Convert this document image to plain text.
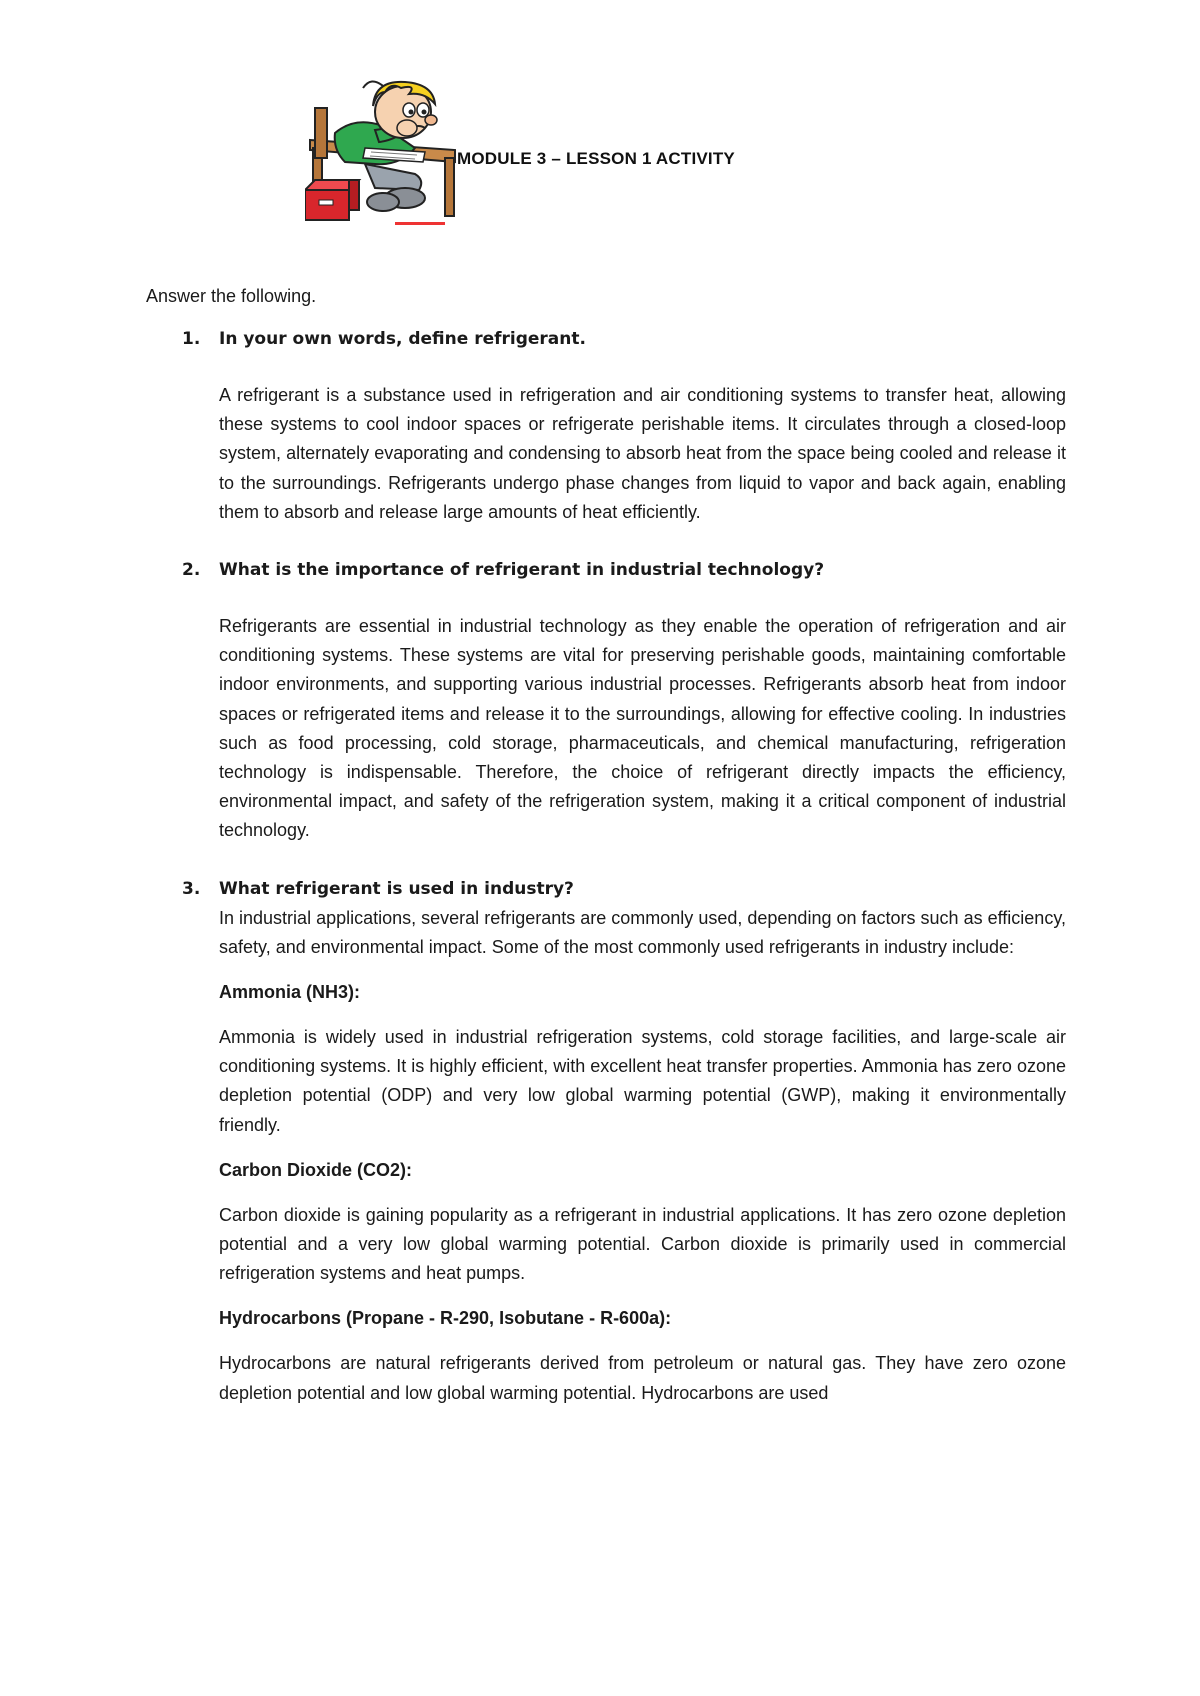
MODULE 3 – LESSON 1 ACTIVITY

Answer the following.

1. In your own words, define refrigerant.

A refrigerant is a substance used in refrigeration and air conditioning systems to transfer heat, allowing these systems to cool indoor spaces or refrigerate perishable items. It circulates through a closed-loop system, alternately evaporating and condensing to absorb heat from the space being cooled and release it to the surroundings. Refrigerants undergo phase changes from liquid to vapor and back again, enabling them to absorb and release large amounts of heat efficiently.

2. What is the importance of refrigerant in industrial technology?

Refrigerants are essential in industrial technology as they enable the operation of refrigeration and air conditioning systems. These systems are vital for preserving perishable goods, maintaining comfortable indoor environments, and supporting various industrial processes. Refrigerants absorb heat from indoor spaces or refrigerated items and release it to the surroundings, allowing for effective cooling. In industries such as food processing, cold storage, pharmaceuticals, and chemical manufacturing, refrigeration technology is indispensable. Therefore, the choice of refrigerant directly impacts the efficiency, environmental impact, and safety of the refrigeration system, making it a critical component of industrial technology.

3. What refrigerant is used in industry?

In industrial applications, several refrigerants are commonly used, depending on factors such as efficiency, safety, and environmental impact. Some of the most commonly used refrigerants in industry include:

Ammonia (NH3):

Ammonia is widely used in industrial refrigeration systems, cold storage facilities, and large-scale air conditioning systems. It is highly efficient, with excellent heat transfer properties. Ammonia has zero ozone depletion potential (ODP) and very low global warming potential (GWP), making it environmentally friendly.

Carbon Dioxide (CO2):

Carbon dioxide is gaining popularity as a refrigerant in industrial applications. It has zero ozone depletion potential and a very low global warming potential. Carbon dioxide is primarily used in commercial refrigeration systems and heat pumps.

Hydrocarbons (Propane - R-290, Isobutane - R-600a):

Hydrocarbons are natural refrigerants derived from petroleum or natural gas. They have zero ozone depletion potential and low global warming potential. Hydrocarbons are used
